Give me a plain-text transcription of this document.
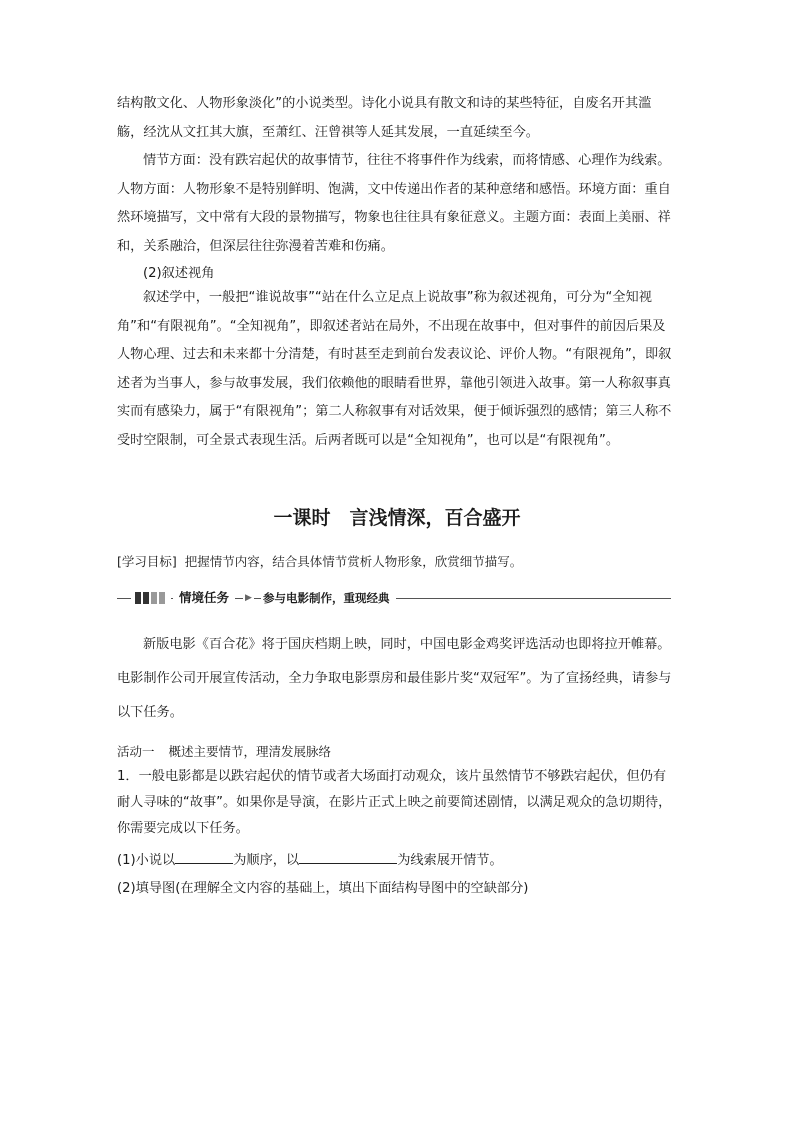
结构散文化、人物形象淡化”的小说类型。诗化小说具有散文和诗的某些特征，自废名开其滥觞，经沈从文扛其大旗，至萧红、汪曾祺等人延其发展，一直延续至今。

情节方面：没有跌宕起伏的故事情节，往往不将事件作为线索，而将情感、心理作为线索。人物方面：人物形象不是特别鲜明、饱满，文中传递出作者的某种意绪和感悟。环境方面：重自然环境描写，文中常有大段的景物描写，物象也往往具有象征意义。主题方面：表面上美丽、祥和，关系融洽，但深层往往弥漫着苦难和伤痛。

(2)叙述视角

叙述学中，一般把“谁说故事”“站在什么立足点上说故事”称为叙述视角，可分为“全知视角”和“有限视角”。“全知视角”，即叙述者站在局外，不出现在故事中，但对事件的前因后果及人物心理、过去和未来都十分清楚，有时甚至走到前台发表议论、评价人物。“有限视角”，即叙述者为当事人，参与故事发展，我们依赖他的眼睛看世界，靠他引领进入故事。第一人称叙事真实而有感染力，属于“有限视角”；第二人称叙事有对话效果，便于倾诉强烈的感情；第三人称不受时空限制，可全景式表现生活。后两者既可以是“全知视角”，也可以是“有限视角”。

一课时　言浅情深，百合盛开
[学习目标] 把握情节内容，结合具体情节赏析人物形象，欣赏细节描写。
情境任务	▶ 参与电影制作，重现经典

新版电影《百合花》将于国庆档期上映，同时，中国电影金鸡奖评选活动也即将拉开帷幕。电影制作公司开展宣传活动，全力争取电影票房和最佳影片奖“双冠军”。为了宣扬经典，请参与以下任务。

活动一 概述主要情节，理清发展脉络

1．一般电影都是以跌宕起伏的情节或者大场面打动观众，该片虽然情节不够跌宕起伏，但仍有耐人寻味的“故事”。如果你是导演，在影片正式上映之前要简述剧情，以满足观众的急切期待，你需要完成以下任务。

(1)小说以	为顺序，以	为线索展开情节。
(2)填导图(在理解全文内容的基础上，填出下面结构导图中的空缺部分)
